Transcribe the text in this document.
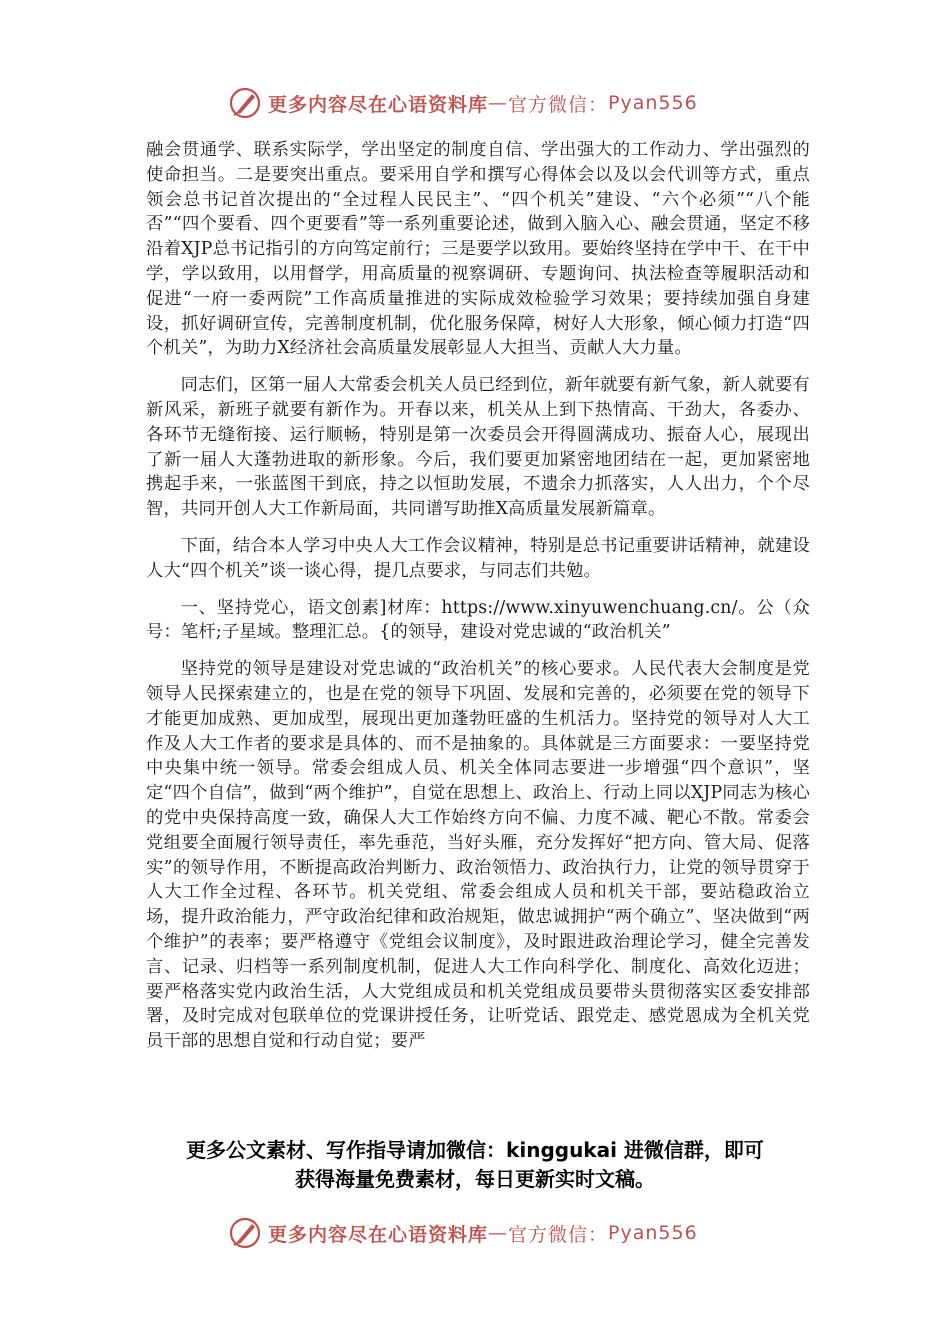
更多内容尽在心语资料库 — 官方微信： Pyan556

融会贯通学、联系实际学，学出坚定的制度自信、学出强大的工作动力、学出强烈的使命担当。二是要突出重点。要采用自学和撰写心得体会以及以会代训等方式，重点领会总书记首次提出的“全过程人民民主”、“四个机关”建设、“六个必须”“八个能否”“四个要看、四个更要看”等一系列重要论述，做到入脑入心、融会贯通，坚定不移沿着XJP总书记指引的方向笃定前行；三是要学以致用。要始终坚持在学中干、在干中学，学以致用，以用督学，用高质量的视察调研、专题询问、执法检查等履职活动和促进“一府一委两院”工作高质量推进的实际成效检验学习效果；要持续加强自身建设，抓好调研宣传，完善制度机制，优化服务保障，树好人大形象，倾心倾力打造“四个机关”，为助力X经济社会高质量发展彰显人大担当、贡献人大力量。

同志们，区第一届人大常委会机关人员已经到位，新年就要有新气象，新人就要有新风采，新班子就要有新作为。开春以来，机关从上到下热情高、干劲大，各委办、各环节无缝衔接、运行顺畅，特别是第一次委员会开得圆满成功、振奋人心，展现出了新一届人大蓬勃进取的新形象。今后，我们要更加紧密地团结在一起，更加紧密地携起手来，一张蓝图干到底，持之以恒助发展，不遗余力抓落实，人人出力，个个尽智，共同开创人大工作新局面，共同谱写助推X高质量发展新篇章。

下面，结合本人学习中央人大工作会议精神，特别是总书记重要讲话精神，就建设人大“四个机关”谈一谈心得，提几点要求，与同志们共勉。

一、坚持党心，语文创素]材库：https://www.xinyuwenchuang.cn/。公（众号：笔杆;子星域。整理汇总。{的领导，建设对党忠诚的“政治机关”

坚持党的领导是建设对党忠诚的“政治机关”的核心要求。人民代表大会制度是党领导人民探索建立的，也是在党的领导下巩固、发展和完善的，必须要在党的领导下才能更加成熟、更加成型，展现出更加蓬勃旺盛的生机活力。坚持党的领导对人大工作及人大工作者的要求是具体的、而不是抽象的。具体就是三方面要求：一要坚持党中央集中统一领导。常委会组成人员、机关全体同志要进一步增强“四个意识”，坚定“四个自信”，做到“两个维护”，自觉在思想上、政治上、行动上同以XJP同志为核心的党中央保持高度一致，确保人大工作始终方向不偏、力度不减、靶心不散。常委会党组要全面履行领导责任，率先垂范，当好头雁，充分发挥好“把方向、管大局、促落实”的领导作用，不断提高政治判断力、政治领悟力、政治执行力，让党的领导贯穿于人大工作全过程、各环节。机关党组、常委会组成人员和机关干部，要站稳政治立场，提升政治能力，严守政治纪律和政治规矩，做忠诚拥护“两个确立”、坚决做到“两个维护”的表率；要严格遵守《党组会议制度》，及时跟进政治理论学习，健全完善发言、记录、归档等一系列制度机制，促进人大工作向科学化、制度化、高效化迈进；要严格落实党内政治生活，人大党组成员和机关党组成员要带头贯彻落实区委安排部署，及时完成对包联单位的党课讲授任务，让听党话、跟党走、感党恩成为全机关党员干部的思想自觉和行动自觉；要严

更多公文素材、写作指导请加微信：kinggukai 进微信群，即可
获得海量免费素材，每日更新实时文稿。
更多内容尽在心语资料库 — 官方微信： Pyan556
